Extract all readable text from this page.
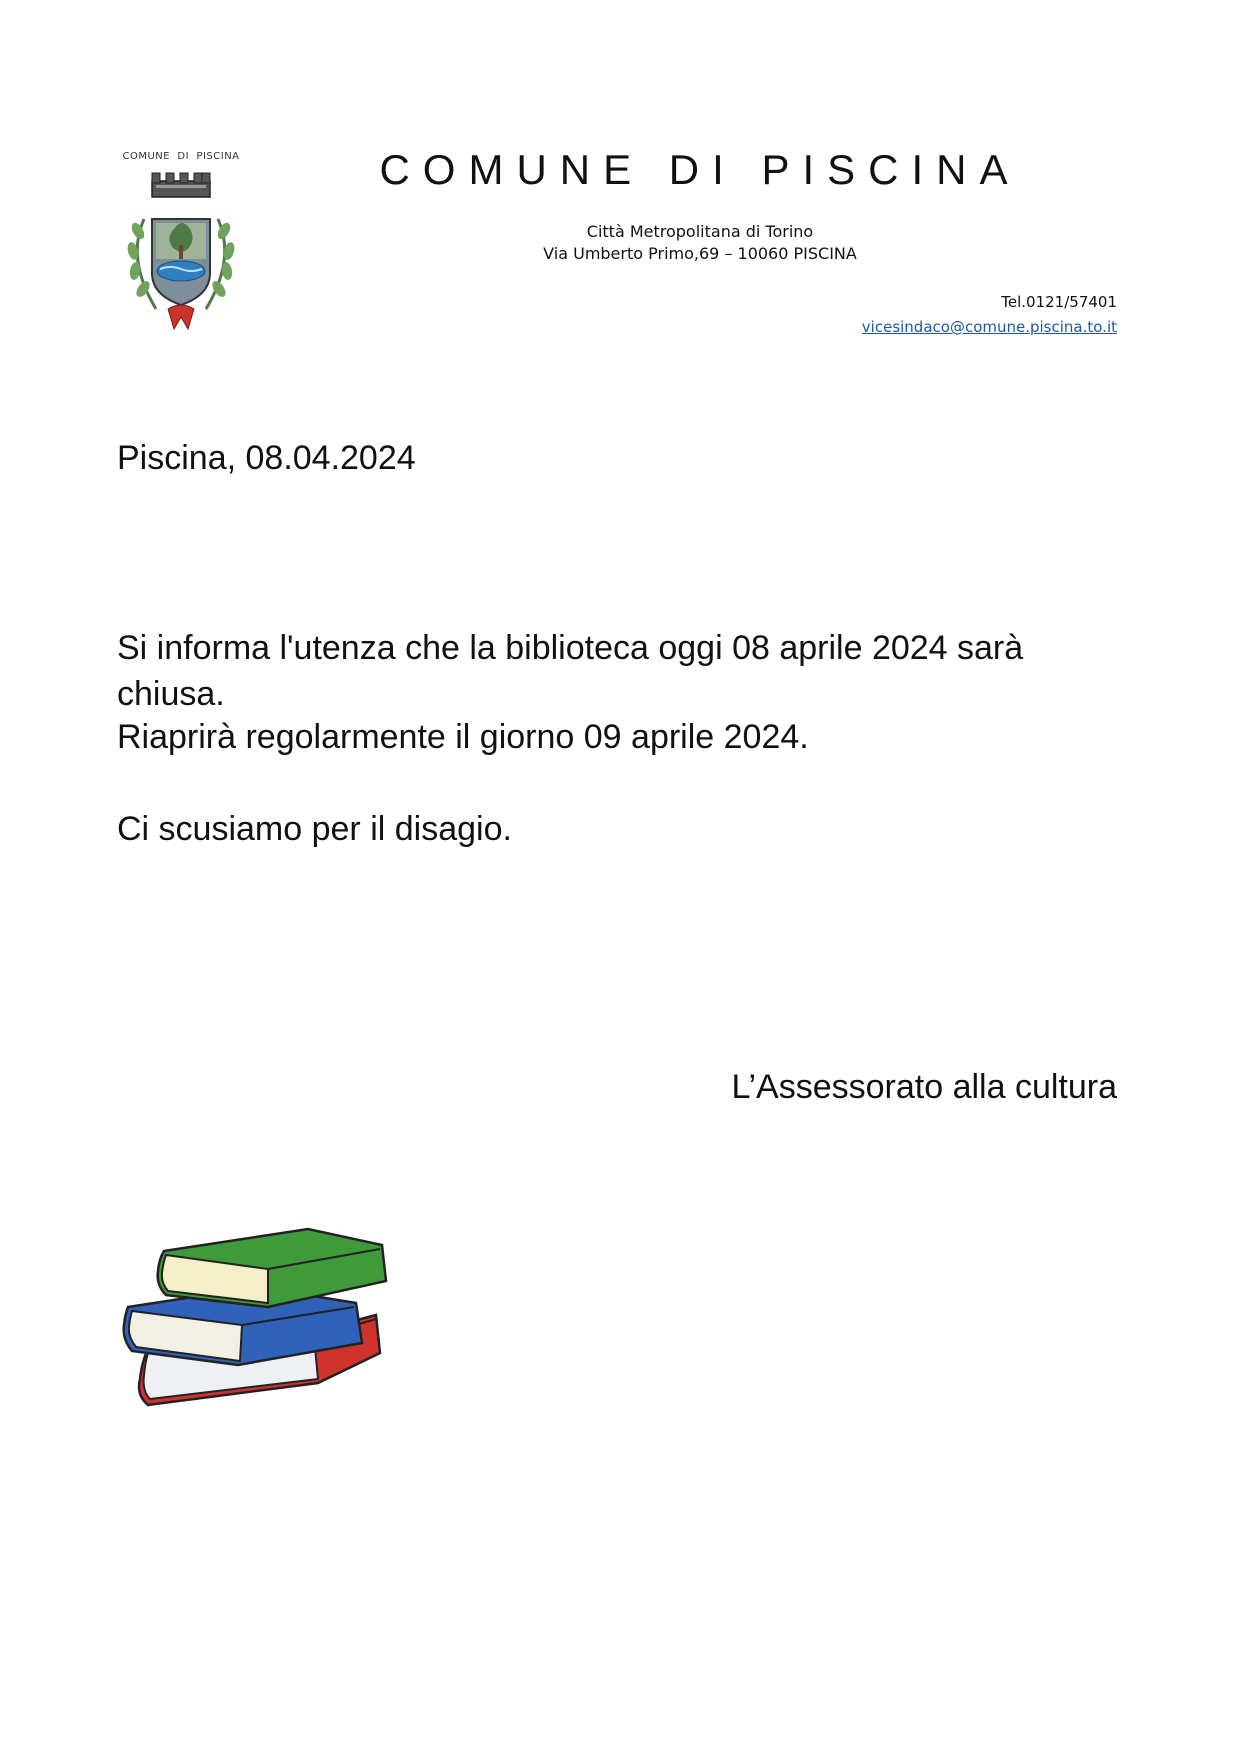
COMUNE  DI  PISCINA	COMUNE DI PISCINA
Città Metropolitana di Torino
Via Umberto Primo,69 – 10060 PISCINA
Tel.0121/57401
vicesindaco@comune.piscina.to.it
Piscina, 08.04.2024
Si informa l'utenza che la biblioteca oggi 08 aprile 2024 sarà chiusa.
Riaprirà regolarmente il giorno 09 aprile 2024.
Ci scusiamo per il disagio.
L’Assessorato alla cultura
